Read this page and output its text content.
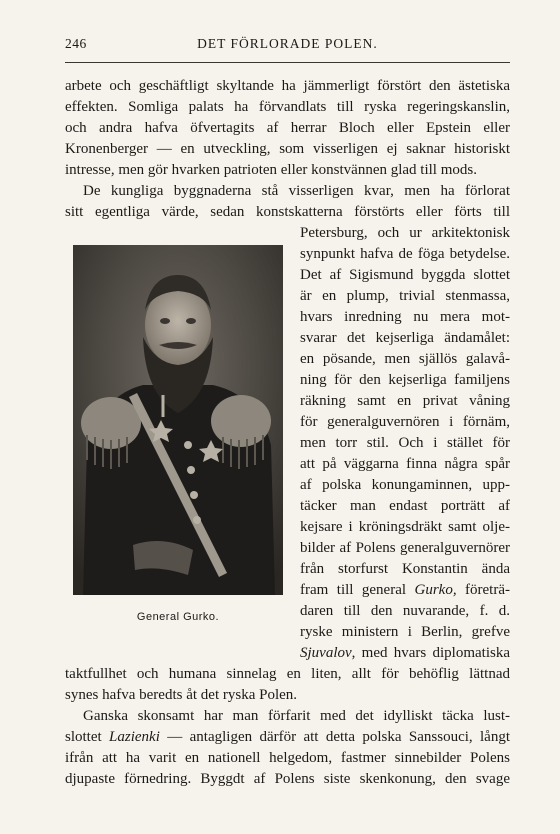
246	DET FÖRLORADE POLEN.
arbete och geschäftligt skyltande ha jämmerligt förstört den ästetiska
effekten. Somliga palats ha förvandlats till ryska regeringskanslin,
och andra hafva öfvertagits af herrar Bloch eller Epstein eller
Kronenberger — en utveckling, som visserligen ej saknar historiskt
intresse, men gör hvarken patrioten eller konstvännen glad till mods.
De kungliga byggnaderna stå visserligen kvar, men ha förlorat
sitt egentliga värde, sedan konstskatterna förstörts eller förts till
General Gurko.
Petersburg, och ur arkitektonisk
synpunkt hafva de föga betydelse.
Det af Sigismund byggda slottet
är en plump, trivial stenmassa,
hvars inredning nu mera mot-
svarar det kejserliga ändamålet:
en pösande, men själlös galavå-
ning för den kejserliga familjens
räkning samt en privat våning
för generalguvernören i förnäm,
men torr stil. Och i stället för
att på väggarna finna några spår
af polska konungaminnen, upp-
täcker man endast porträtt af
kejsare i kröningsdräkt samt olje-
bilder af Polens generalguvernörer
från storfurst Konstantin ända
fram till general Gurko, företrä-
daren till den nuvarande, f. d.
ryske ministern i Berlin, grefve
Sjuvalov, med hvars diplomatiska
taktfullhet och humana sinnelag en liten, allt för behöflig lättnad
synes hafva beredts åt det ryska Polen.
Ganska skonsamt har man förfarit med det idylliskt täcka lust-
slottet Lazienki — antagligen därför att detta polska Sanssouci, långt
ifrån att ha varit en nationell helgedom, fastmer sinnebilder Polens
djupaste förnedring. Byggdt af Polens siste skenkonung, den svage
